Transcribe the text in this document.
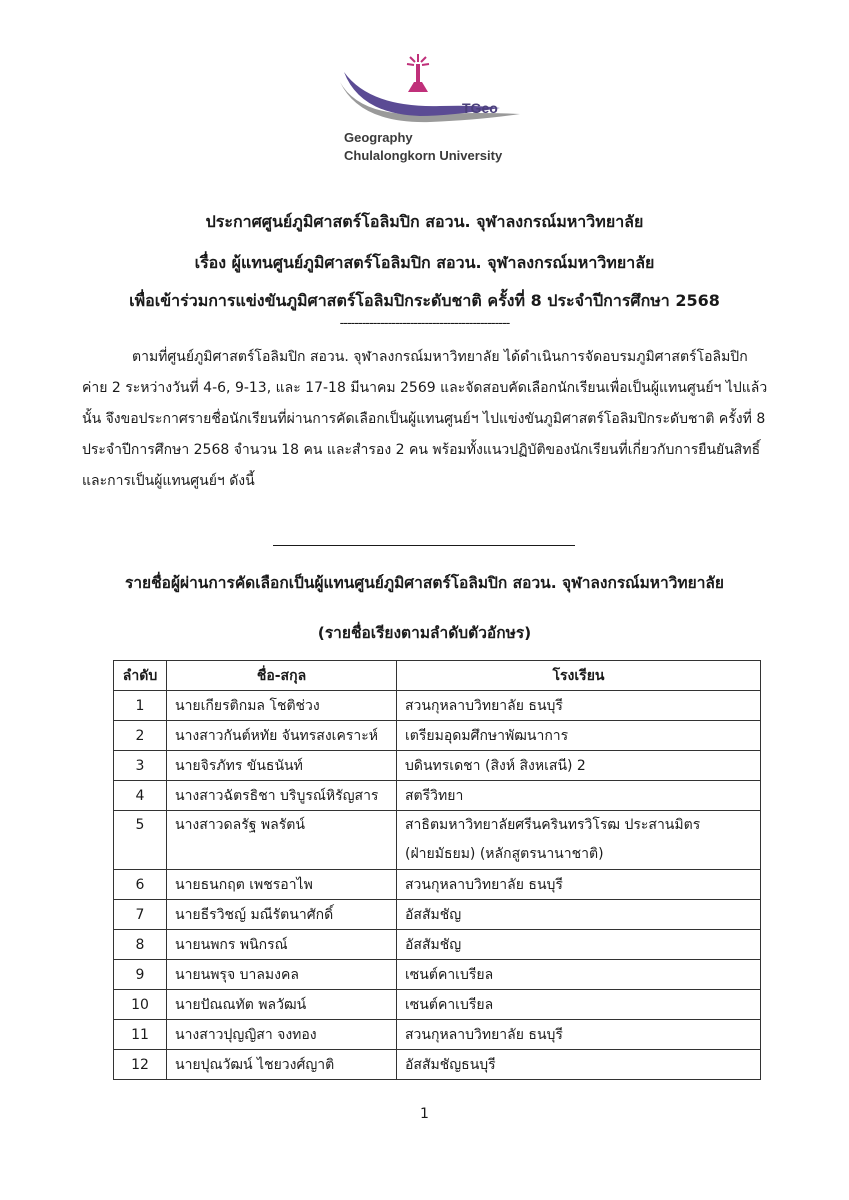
TGeo
Geography
Chulalongkorn University
ประกาศศูนย์ภูมิศาสตร์โอลิมปิก สอวน. จุฬาลงกรณ์มหาวิทยาลัย
เรื่อง ผู้แทนศูนย์ภูมิศาสตร์โอลิมปิก สอวน. จุฬาลงกรณ์มหาวิทยาลัย
เพื่อเข้าร่วมการแข่งขันภูมิศาสตร์โอลิมปิกระดับชาติ ครั้งที่ 8 ประจำปีการศึกษา 2568
----------------------------------------------
ตามที่ศูนย์ภูมิศาสตร์โอลิมปิก สอวน. จุฬาลงกรณ์มหาวิทยาลัย ได้ดำเนินการจัดอบรมภูมิศาสตร์โอลิมปิก
ค่าย 2 ระหว่างวันที่ 4-6, 9-13, และ 17-18 มีนาคม 2569 และจัดสอบคัดเลือกนักเรียนเพื่อเป็นผู้แทนศูนย์ฯ ไปแล้ว
นั้น จึงขอประกาศรายชื่อนักเรียนที่ผ่านการคัดเลือกเป็นผู้แทนศูนย์ฯ ไปแข่งขันภูมิศาสตร์โอลิมปิกระดับชาติ ครั้งที่ 8
ประจำปีการศึกษา 2568 จำนวน 18 คน และสำรอง 2 คน พร้อมทั้งแนวปฏิบัติของนักเรียนที่เกี่ยวกับการยืนยันสิทธิ์
และการเป็นผู้แทนศูนย์ฯ ดังนี้
รายชื่อผู้ผ่านการคัดเลือกเป็นผู้แทนศูนย์ภูมิศาสตร์โอลิมปิก สอวน. จุฬาลงกรณ์มหาวิทยาลัย
(รายชื่อเรียงตามลำดับตัวอักษร)
ลำดับ	ชื่อ-สกุล	โรงเรียน
1	นายเกียรติกมล โชติช่วง	สวนกุหลาบวิทยาลัย ธนบุรี
2	นางสาวกันต์หทัย จันทรสงเคราะห์	เตรียมอุดมศึกษาพัฒนาการ
3	นายจิรภัทร ขันธนันท์	บดินทรเดชา (สิงห์ สิงหเสนี) 2
4	นางสาวฉัตรธิชา บริบูรณ์หิรัญสาร	สตรีวิทยา
5	นางสาวดลรัฐ พลรัตน์	สาธิตมหาวิทยาลัยศรีนครินทรวิโรฒ ประสานมิตร
(ฝ่ายมัธยม) (หลักสูตรนานาชาติ)

6	นายธนกฤต เพชรอาไพ	สวนกุหลาบวิทยาลัย ธนบุรี
7	นายธีรวิชญ์ มณีรัตนาศักดิ์	อัสสัมชัญ
8	นายนพกร พนิกรณ์	อัสสัมชัญ
9	นายนพรุจ บาลมงคล	เซนต์คาเบรียล
10	นายปัณณทัต พลวัฒน์	เซนต์คาเบรียล
11	นางสาวปุญญิสา จงทอง	สวนกุหลาบวิทยาลัย ธนบุรี
12	นายปุณวัฒน์ ไชยวงศ์ญาติ	อัสสัมชัญธนบุรี
1
